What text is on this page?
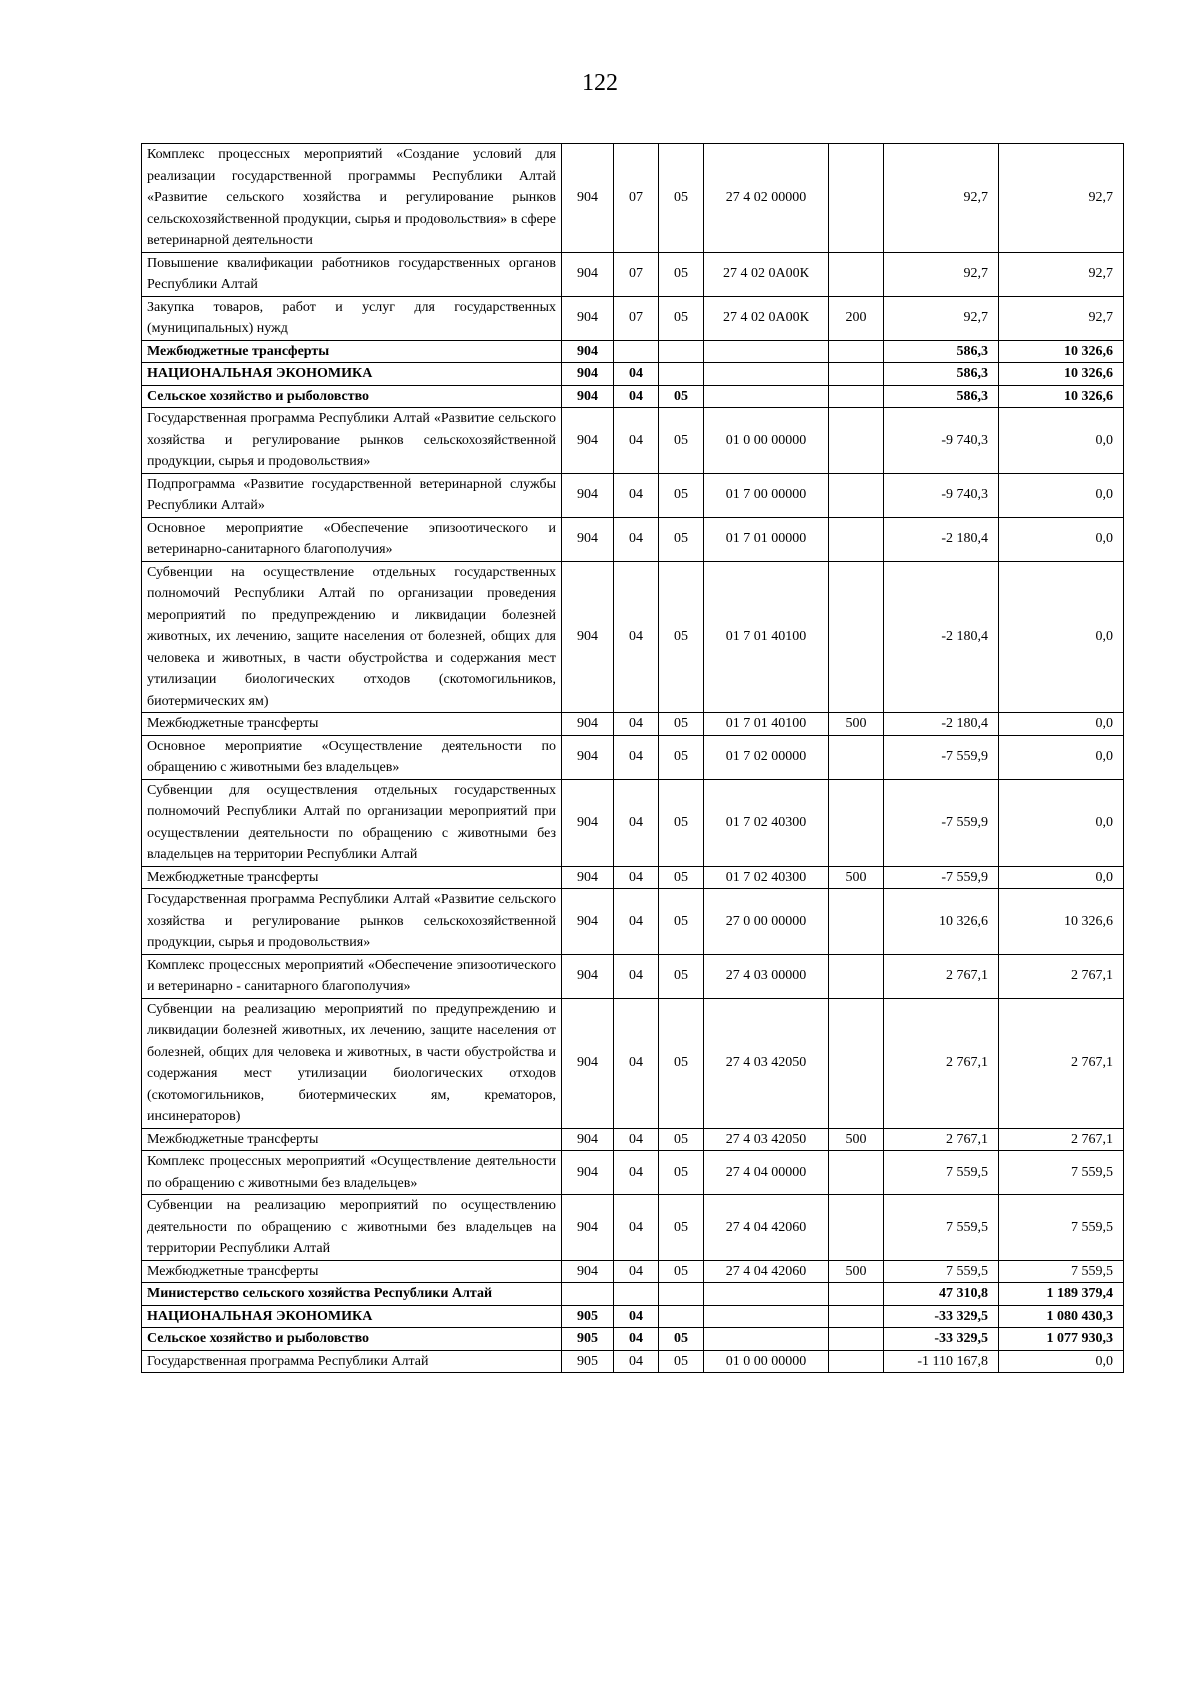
122
Комплекс процессных мероприятий «Создание условий для реализации государственной программы Республики Алтай «Развитие сельского хозяйства и регулирование рынков сельскохозяйственной продукции, сырья и продовольствия» в сфере ветеринарной деятельности	904	07	05	27 4 02 00000		92,7	92,7
Повышение квалификации работников государственных органов Республики Алтай	904	07	05	27 4 02 0А00К		92,7	92,7
Закупка товаров, работ и услуг для государственных (муниципальных) нужд	904	07	05	27 4 02 0А00К	200	92,7	92,7
Межбюджетные трансферты	904					586,3	10 326,6
НАЦИОНАЛЬНАЯ ЭКОНОМИКА	904	04				586,3	10 326,6
Сельское хозяйство и рыболовство	904	04	05			586,3	10 326,6
Государственная программа Республики Алтай «Развитие сельского хозяйства и регулирование рынков сельскохозяйственной продукции, сырья и продовольствия»	904	04	05	01 0 00 00000		-9 740,3	0,0
Подпрограмма «Развитие государственной ветеринарной службы Республики Алтай»	904	04	05	01 7 00 00000		-9 740,3	0,0
Основное мероприятие «Обеспечение эпизоотического и ветеринарно-санитарного благополучия»	904	04	05	01 7 01 00000		-2 180,4	0,0
Субвенции на осуществление отдельных государственных полномочий Республики Алтай по организации проведения мероприятий по предупреждению и ликвидации болезней животных, их лечению, защите населения от болезней, общих для человека и животных, в части обустройства и содержания мест утилизации биологических отходов (скотомогильников, биотермических ям)	904	04	05	01 7 01 40100		-2 180,4	0,0
Межбюджетные трансферты	904	04	05	01 7 01 40100	500	-2 180,4	0,0
Основное мероприятие «Осуществление деятельности по обращению с животными без владельцев»	904	04	05	01 7 02 00000		-7 559,9	0,0
Субвенции для осуществления отдельных государственных полномочий Республики Алтай по организации мероприятий при осуществлении деятельности по обращению с животными без владельцев на территории Республики Алтай	904	04	05	01 7 02 40300		-7 559,9	0,0
Межбюджетные трансферты	904	04	05	01 7 02 40300	500	-7 559,9	0,0
Государственная программа Республики Алтай «Развитие сельского хозяйства и регулирование рынков сельскохозяйственной продукции, сырья и продовольствия»	904	04	05	27 0 00 00000		10 326,6	10 326,6
Комплекс процессных мероприятий «Обеспечение эпизоотического и ветеринарно - санитарного благополучия»	904	04	05	27 4 03 00000		2 767,1	2 767,1
Субвенции на реализацию мероприятий по предупреждению и ликвидации болезней животных, их лечению, защите населения от болезней, общих для человека и животных, в части обустройства и содержания мест утилизации биологических отходов (скотомогильников, биотермических ям, крематоров, инсинераторов)	904	04	05	27 4 03 42050		2 767,1	2 767,1
Межбюджетные трансферты	904	04	05	27 4 03 42050	500	2 767,1	2 767,1
Комплекс процессных мероприятий «Осуществление деятельности по обращению с животными без владельцев»	904	04	05	27 4 04 00000		7 559,5	7 559,5
Субвенции на реализацию мероприятий по осуществлению деятельности по обращению с животными без владельцев на территории Республики Алтай	904	04	05	27 4 04 42060		7 559,5	7 559,5
Межбюджетные трансферты	904	04	05	27 4 04 42060	500	7 559,5	7 559,5
Министерство сельского хозяйства Республики Алтай						47 310,8	1 189 379,4
НАЦИОНАЛЬНАЯ ЭКОНОМИКА	905	04				-33 329,5	1 080 430,3
Сельское хозяйство и рыболовство	905	04	05			-33 329,5	1 077 930,3
Государственная программа Республики Алтай	905	04	05	01 0 00 00000		-1 110 167,8	0,0
